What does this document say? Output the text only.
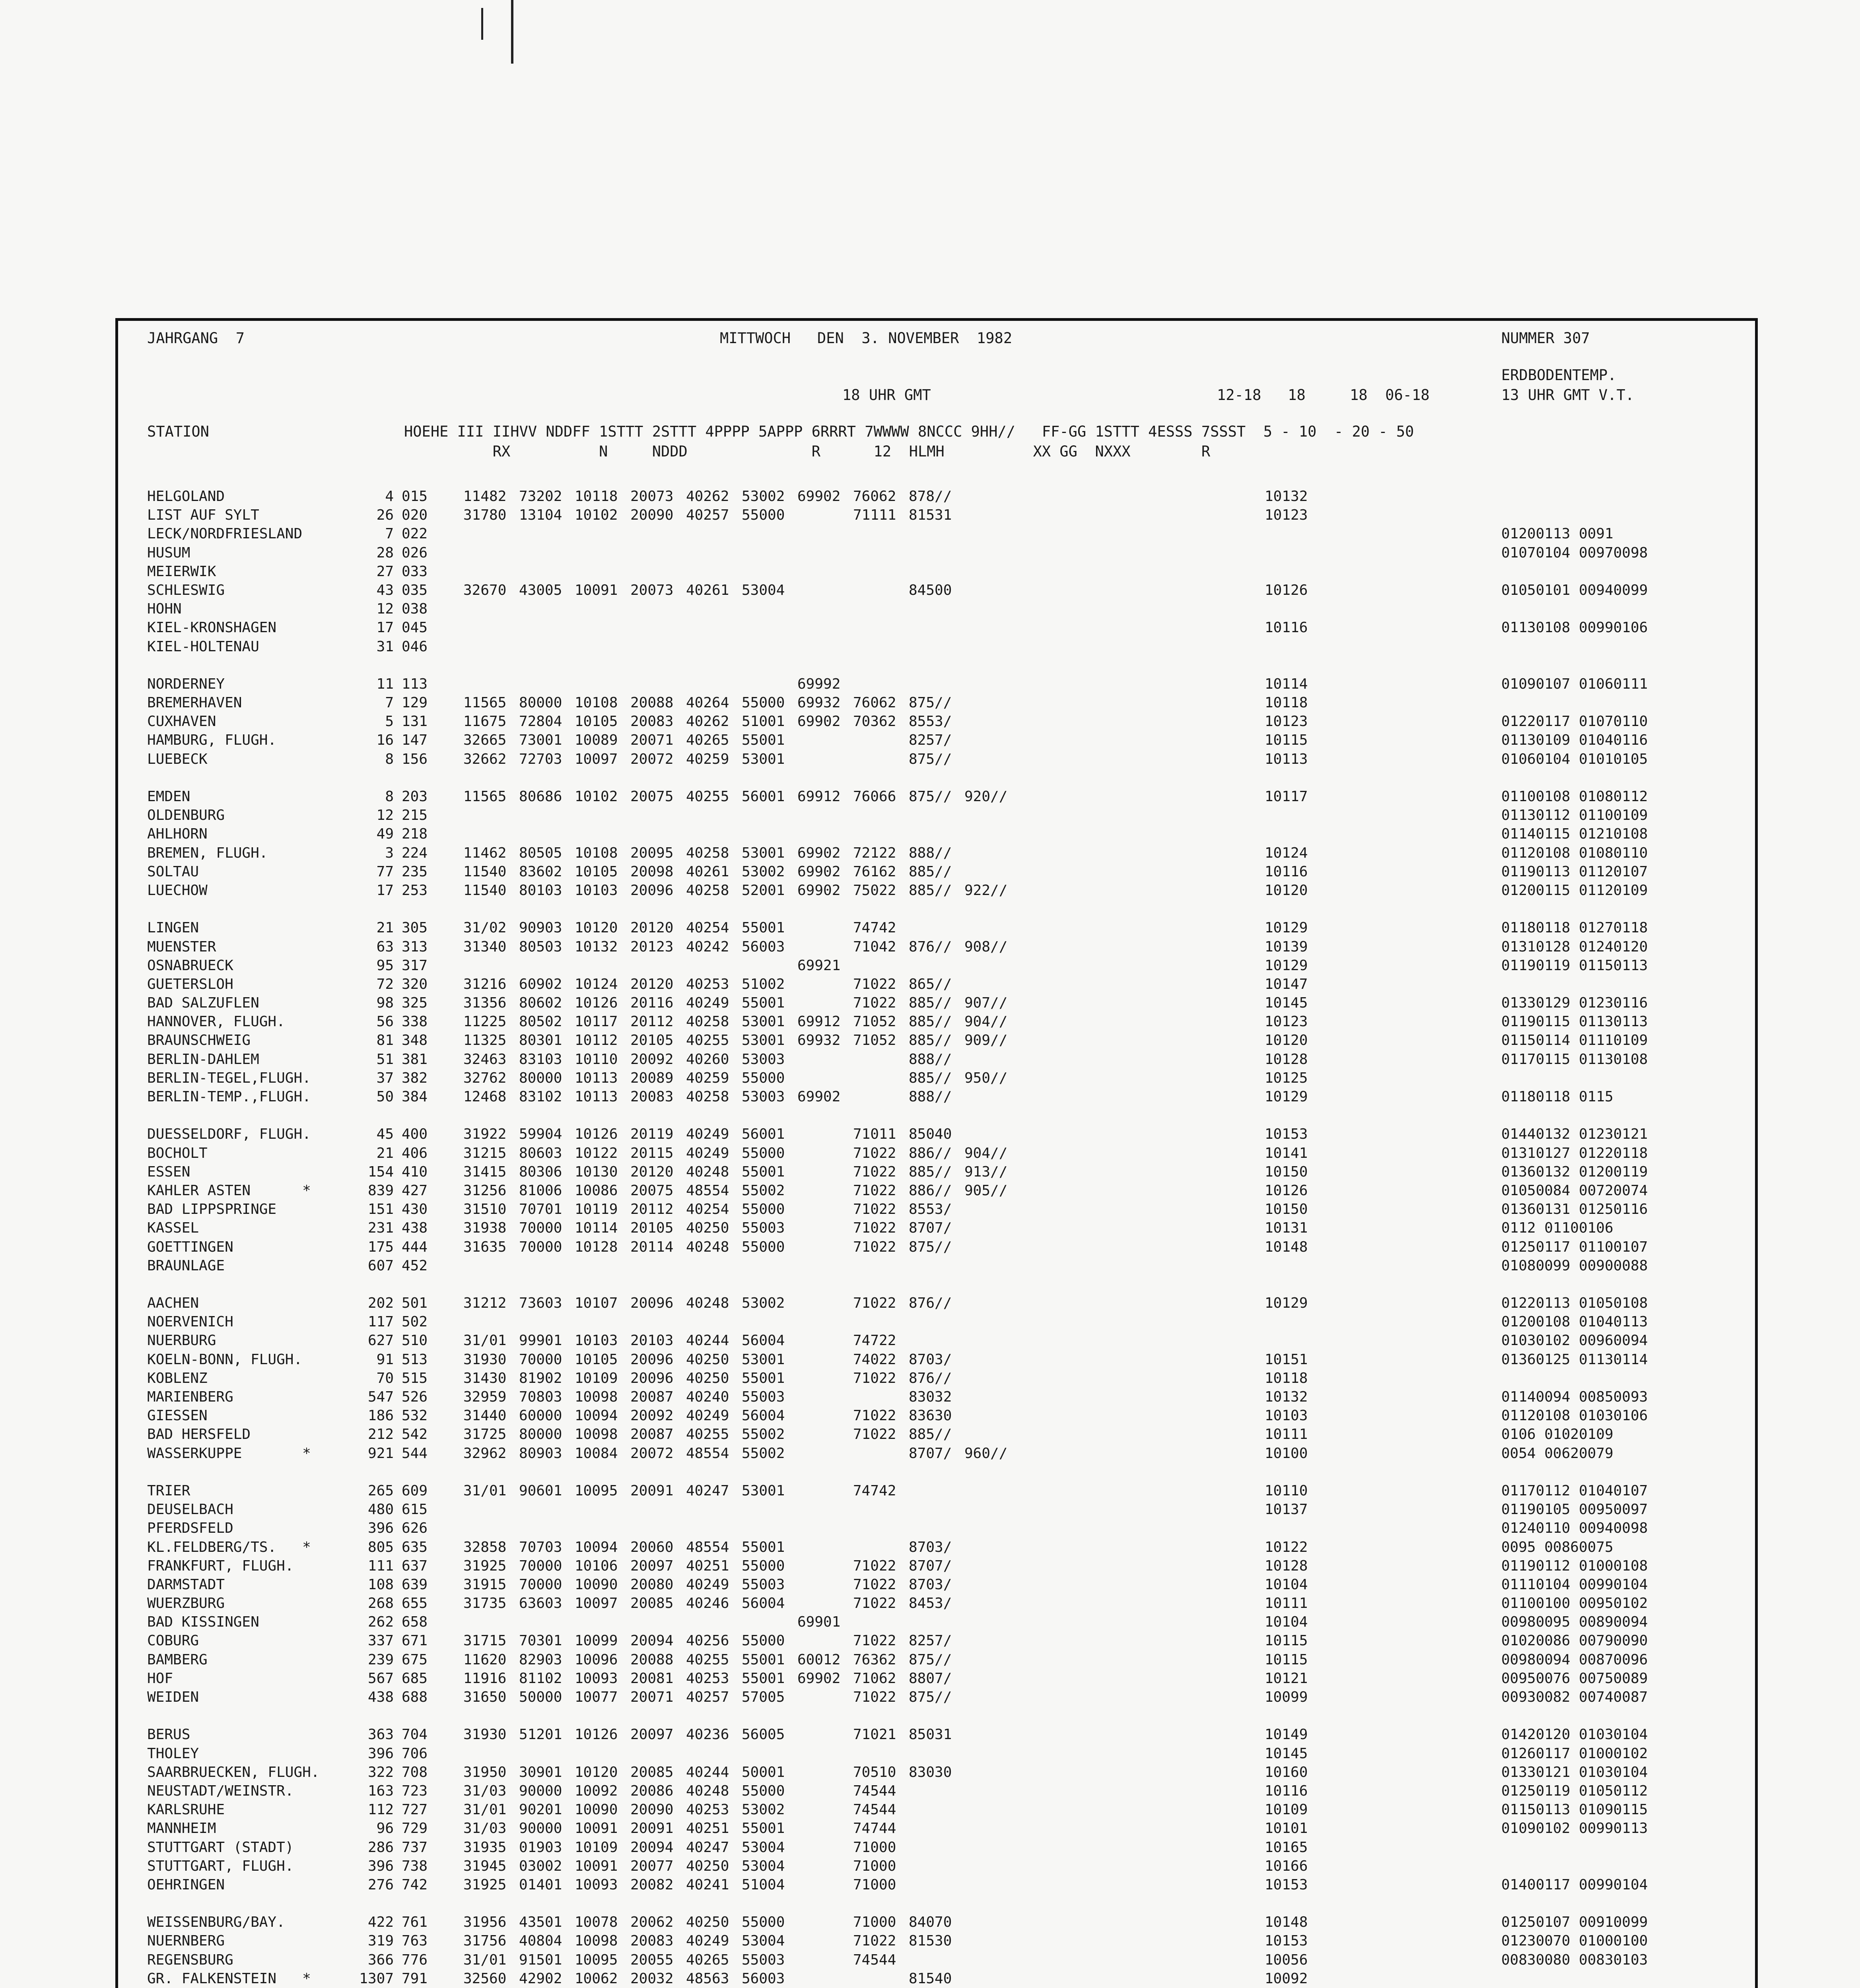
JAHRGANG  7	MITTWOCH   DEN  3. NOVEMBER  1982	NUMMER 307
ERDBODENTEMP.
13 UHR GMT V.T.
18 UHR GMT	12-18   18     18  06-18
STATION                      HOEHE III IIHVV NDDFF 1STTT 2STTT 4PPPP 5APPP 6RRRT 7WWWW 8NCCC 9HH//   FF-GG 1STTT 4ESSS 7SSST  5 - 10  - 20 - 50
RX          N     NDDD              R      12  HLMH          XX GG  NXXX        R
HELGOLAND	4 015 11482 73202 10118 20073 40262 53002 69902 76062 878//	10132
LIST AUF SYLT	26 020 31780 13104 10102 20090 40257 55000	71111 81531	10123
LECK/NORDFRIESLAND	7 022	01200113 0091
HUSUM	28 026	01070104 00970098
MEIERWIK	27 033
SCHLESWIG	43 035 32670 43005 10091 20073 40261 53004	84500	10126	01050101 00940099
HOHN	12 038
KIEL-KRONSHAGEN	17 045	10116	01130108 00990106
KIEL-HOLTENAU	31 046
NORDERNEY	11 113	69992	10114	01090107 01060111
BREMERHAVEN	7 129 11565 80000 10108 20088 40264 55000 69932 76062 875//	10118
CUXHAVEN	5 131 11675 72804 10105 20083 40262 51001 69902 70362 8553/	10123	01220117 01070110
HAMBURG, FLUGH.	16 147 32665 73001 10089 20071 40265 55001	8257/	10115	01130109 01040116
LUEBECK	8 156 32662 72703 10097 20072 40259 53001	875//	10113	01060104 01010105
EMDEN	8 203 11565 80686 10102 20075 40255 56001 69912 76066 875// 920//	10117	01100108 01080112
OLDENBURG	12 215	01130112 01100109
AHLHORN	49 218	01140115 01210108
BREMEN, FLUGH.	3 224 11462 80505 10108 20095 40258 53001 69902 72122 888//	10124	01120108 01080110
SOLTAU	77 235 11540 83602 10105 20098 40261 53002 69902 76162 885//	10116	01190113 01120107
LUECHOW	17 253 11540 80103 10103 20096 40258 52001 69902 75022 885// 922//	10120	01200115 01120109
LINGEN	21 305 31/02 90903 10120 20120 40254 55001	74742	10129	01180118 01270118
MUENSTER	63 313 31340 80503 10132 20123 40242 56003	71042 876// 908//	10139	01310128 01240120
OSNABRUECK	95 317	69921	10129	01190119 01150113
GUETERSLOH	72 320 31216 60902 10124 20120 40253 51002	71022 865//	10147
BAD SALZUFLEN	98 325 31356 80602 10126 20116 40249 55001	71022 885// 907//	10145	01330129 01230116
HANNOVER, FLUGH.	56 338 11225 80502 10117 20112 40258 53001 69912 71052 885// 904//	10123	01190115 01130113
BRAUNSCHWEIG	81 348 11325 80301 10112 20105 40255 53001 69932 71052 885// 909//	10120	01150114 01110109
BERLIN-DAHLEM	51 381 32463 83103 10110 20092 40260 53003	888//	10128	01170115 01130108
BERLIN-TEGEL,FLUGH.	37 382 32762 80000 10113 20089 40259 55000	885// 950//	10125
BERLIN-TEMP.,FLUGH.	50 384 12468 83102 10113 20083 40258 53003 69902	888//	10129	01180118 0115
DUESSELDORF, FLUGH.	45 400 31922 59904 10126 20119 40249 56001	71011 85040	10153	01440132 01230121
BOCHOLT	21 406 31215 80603 10122 20115 40249 55000	71022 886// 904//	10141	01310127 01220118
ESSEN	154 410 31415 80306 10130 20120 40248 55001	71022 885// 913//	10150	01360132 01200119
KAHLER ASTEN      *	839 427 31256 81006 10086 20075 48554 55002	71022 886// 905//	10126	01050084 00720074
BAD LIPPSPRINGE	151 430 31510 70701 10119 20112 40254 55000	71022 8553/	10150	01360131 01250116
KASSEL	231 438 31938 70000 10114 20105 40250 55003	71022 8707/	10131	0112 01100106
GOETTINGEN	175 444 31635 70000 10128 20114 40248 55000	71022 875//	10148	01250117 01100107
BRAUNLAGE	607 452	01080099 00900088
AACHEN	202 501 31212 73603 10107 20096 40248 53002	71022 876//	10129	01220113 01050108
NOERVENICH	117 502	01200108 01040113
NUERBURG	627 510 31/01 99901 10103 20103 40244 56004	74722	01030102 00960094
KOELN-BONN, FLUGH.	91 513 31930 70000 10105 20096 40250 53001	74022 8703/	10151	01360125 01130114
KOBLENZ	70 515 31430 81902 10109 20096 40250 55001	71022 876//	10118
MARIENBERG	547 526 32959 70803 10098 20087 40240 55003	83032	10132	01140094 00850093
GIESSEN	186 532 31440 60000 10094 20092 40249 56004	71022 83630	10103	01120108 01030106
BAD HERSFELD	212 542 31725 80000 10098 20087 40255 55002	71022 885//	10111	0106 01020109
WASSERKUPPE       *	921 544 32962 80903 10084 20072 48554 55002	8707/ 960//	10100	0054 00620079
TRIER	265 609 31/01 90601 10095 20091 40247 53001	74742	10110	01170112 01040107
DEUSELBACH	480 615	10137	01190105 00950097
PFERDSFELD	396 626	01240110 00940098
KL.FELDBERG/TS.   *	805 635 32858 70703 10094 20060 48554 55001	8703/	10122	0095 00860075
FRANKFURT, FLUGH.	111 637 31925 70000 10106 20097 40251 55000	71022 8707/	10128	01190112 01000108
DARMSTADT	108 639 31915 70000 10090 20080 40249 55003	71022 8703/	10104	01110104 00990104
WUERZBURG	268 655 31735 63603 10097 20085 40246 56004	71022 8453/	10111	01100100 00950102
BAD KISSINGEN	262 658	69901	10104	00980095 00890094
COBURG	337 671 31715 70301 10099 20094 40256 55000	71022 8257/	10115	01020086 00790090
BAMBERG	239 675 11620 82903 10096 20088 40255 55001 60012 76362 875//	10115	00980094 00870096
HOF	567 685 11916 81102 10093 20081 40253 55001 69902 71062 8807/	10121	00950076 00750089
WEIDEN	438 688 31650 50000 10077 20071 40257 57005	71022 875//	10099	00930082 00740087
BERUS	363 704 31930 51201 10126 20097 40236 56005	71021 85031	10149	01420120 01030104
THOLEY	396 706	10145	01260117 01000102
SAARBRUECKEN, FLUGH.	322 708 31950 30901 10120 20085 40244 50001	70510 83030	10160	01330121 01030104
NEUSTADT/WEINSTR.	163 723 31/03 90000 10092 20086 40248 55000	74544	10116	01250119 01050112
KARLSRUHE	112 727 31/01 90201 10090 20090 40253 53002	74544	10109	01150113 01090115
MANNHEIM	96 729 31/03 90000 10091 20091 40251 55001	74744	10101	01090102 00990113
STUTTGART (STADT)	286 737 31935 01903 10109 20094 40247 53004	71000	10165
STUTTGART, FLUGH.	396 738 31945 03002 10091 20077 40250 53004	71000	10166
OEHRINGEN	276 742 31925 01401 10093 20082 40241 51004	71000	10153	01400117 00990104
WEISSENBURG/BAY.	422 761 31956 43501 10078 20062 40250 55000	71000 84070	10148	01250107 00910099
NUERNBERG	319 763 31756 40804 10098 20083 40249 53004	71022 81530	10153	01230070 01000100
REGENSBURG	366 776 31/01 91501 10095 20055 40265 55003	74544	10056	00830080 00830103
GR. FALKENSTEIN   *	1307 791 32560 42902 10062 20032 48563 56003	81540	10092
